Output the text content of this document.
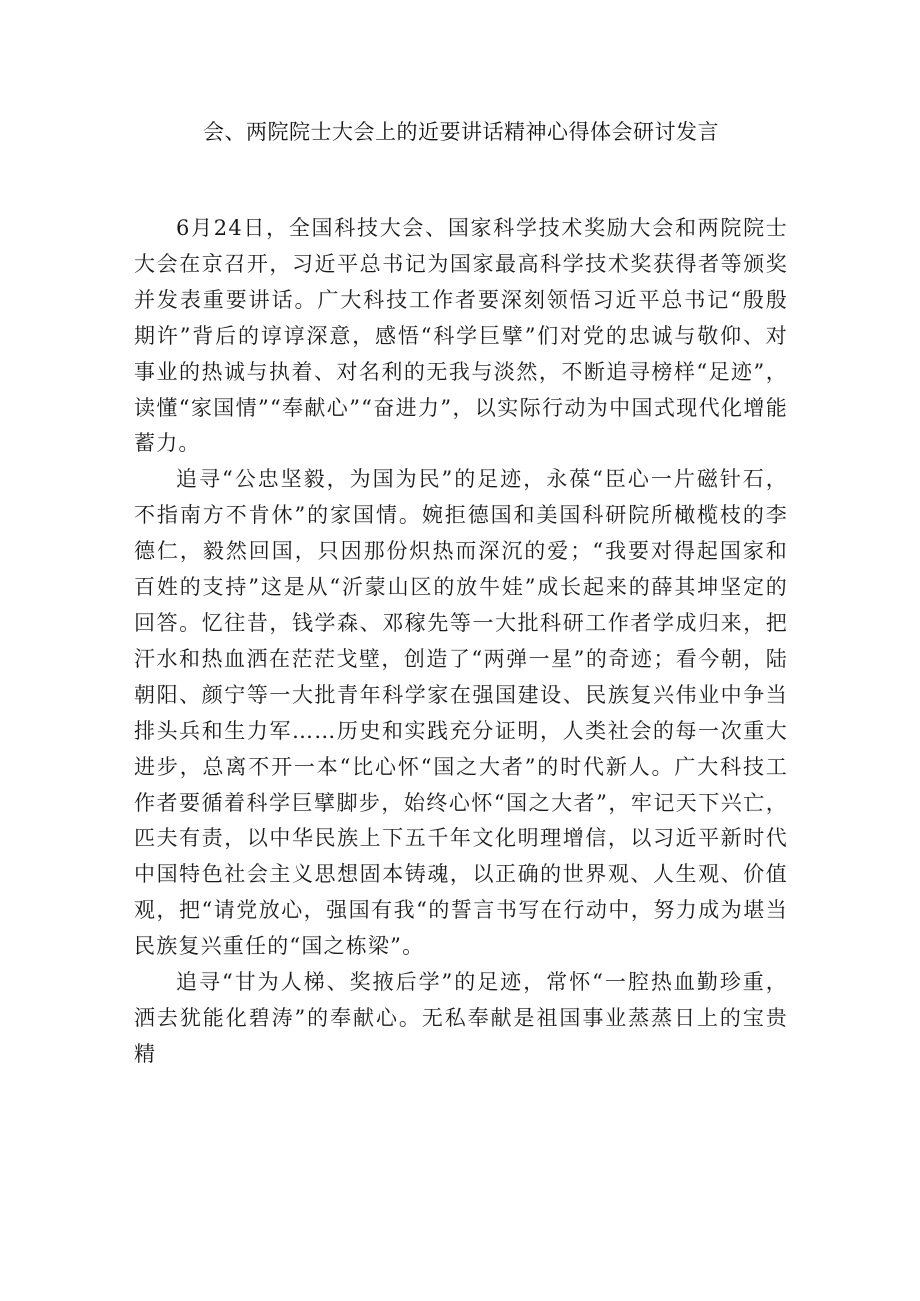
会、两院院士大会上的近要讲话精神心得体会研讨发言

6月24日，全国科技大会、国家科学技术奖励大会和两院院士大会在京召开，习近平总书记为国家最高科学技术奖获得者等颁奖并发表重要讲话。广大科技工作者要深刻领悟习近平总书记“殷殷期许”背后的谆谆深意，感悟“科学巨擘”们对党的忠诚与敬仰、对事业的热诚与执着、对名利的无我与淡然，不断追寻榜样“足迹”，读懂“家国情”“奉献心”“奋进力”，以实际行动为中国式现代化增能蓄力。

追寻“公忠坚毅，为国为民”的足迹，永葆“臣心一片磁针石，不指南方不肯休”的家国情。婉拒德国和美国科研院所橄榄枝的李德仁，毅然回国，只因那份炽热而深沉的爱；“我要对得起国家和百姓的支持”这是从“沂蒙山区的放牛娃”成长起来的薛其坤坚定的回答。忆往昔，钱学森、邓稼先等一大批科研工作者学成归来，把汗水和热血洒在茫茫戈壁，创造了“两弹一星”的奇迹；看今朝，陆朝阳、颜宁等一大批青年科学家在强国建设、民族复兴伟业中争当排头兵和生力军……历史和实践充分证明，人类社会的每一次重大进步，总离不开一本“比心怀“国之大者”的时代新人。广大科技工作者要循着科学巨擘脚步，始终心怀“国之大者”，牢记天下兴亡，匹夫有责，以中华民族上下五千年文化明理增信，以习近平新时代中国特色社会主义思想固本铸魂，以正确的世界观、人生观、价值观，把“请党放心，强国有我“的誓言书写在行动中，努力成为堪当民族复兴重任的“国之栋梁”。

追寻“甘为人梯、奖掖后学”的足迹，常怀“一腔热血勤珍重，洒去犹能化碧涛”的奉献心。无私奉献是祖国事业蒸蒸日上的宝贵精
